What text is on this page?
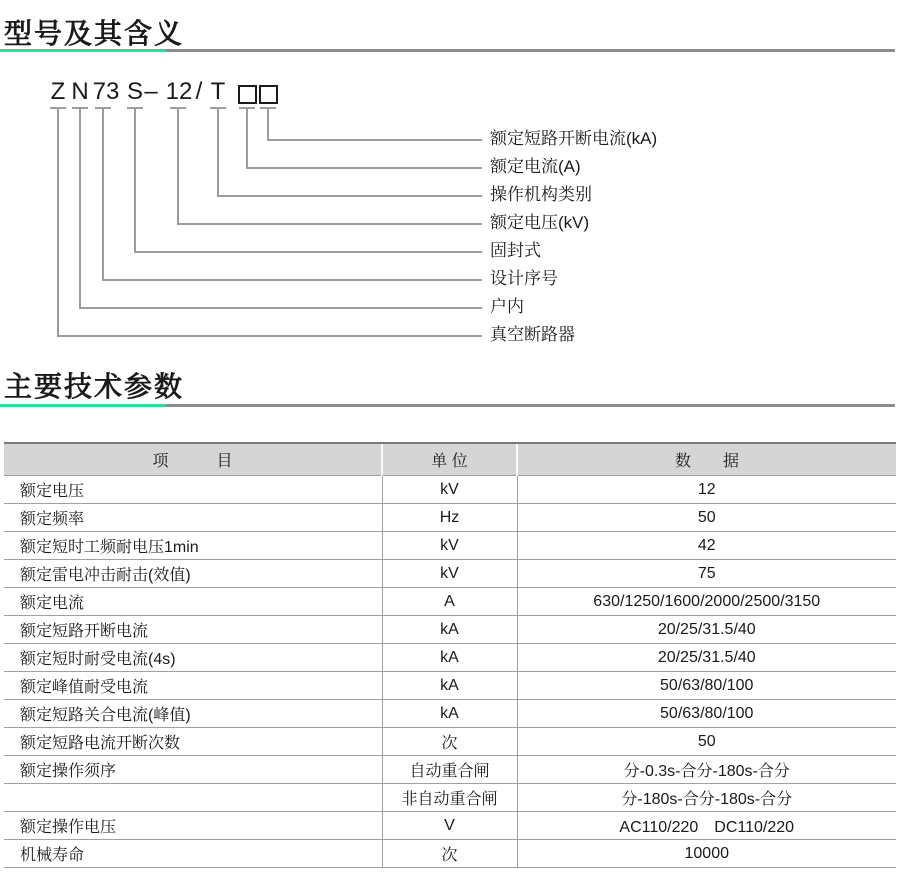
型号及其含义
Z N 73 S – 12 / T
额定短路开断电流(kA)
额定电流(A)
操作机构类别
额定电压(kV)
固封式
设计序号
户内
真空断路器
主要技术参数
项　　　目	单 位	数　　据
额定电压	kV	12
额定频率	Hz	50
额定短时工频耐电压1min	kV	42
额定雷电冲击耐击(效值)	kV	75
额定电流	A	630/1250/1600/2000/2500/3150
额定短路开断电流	kA	20/25/31.5/40
额定短时耐受电流(4s)	kA	20/25/31.5/40
额定峰值耐受电流	kA	50/63/80/100
额定短路关合电流(峰值)	kA	50/63/80/100
额定短路电流开断次数	次	50
额定操作须序	自动重合闸	分-0.3s-合分-180s-合分
	非自动重合闸	分-180s-合分-180s-合分
额定操作电压	V	AC110/220　DC110/220
机械寿命	次	10000
